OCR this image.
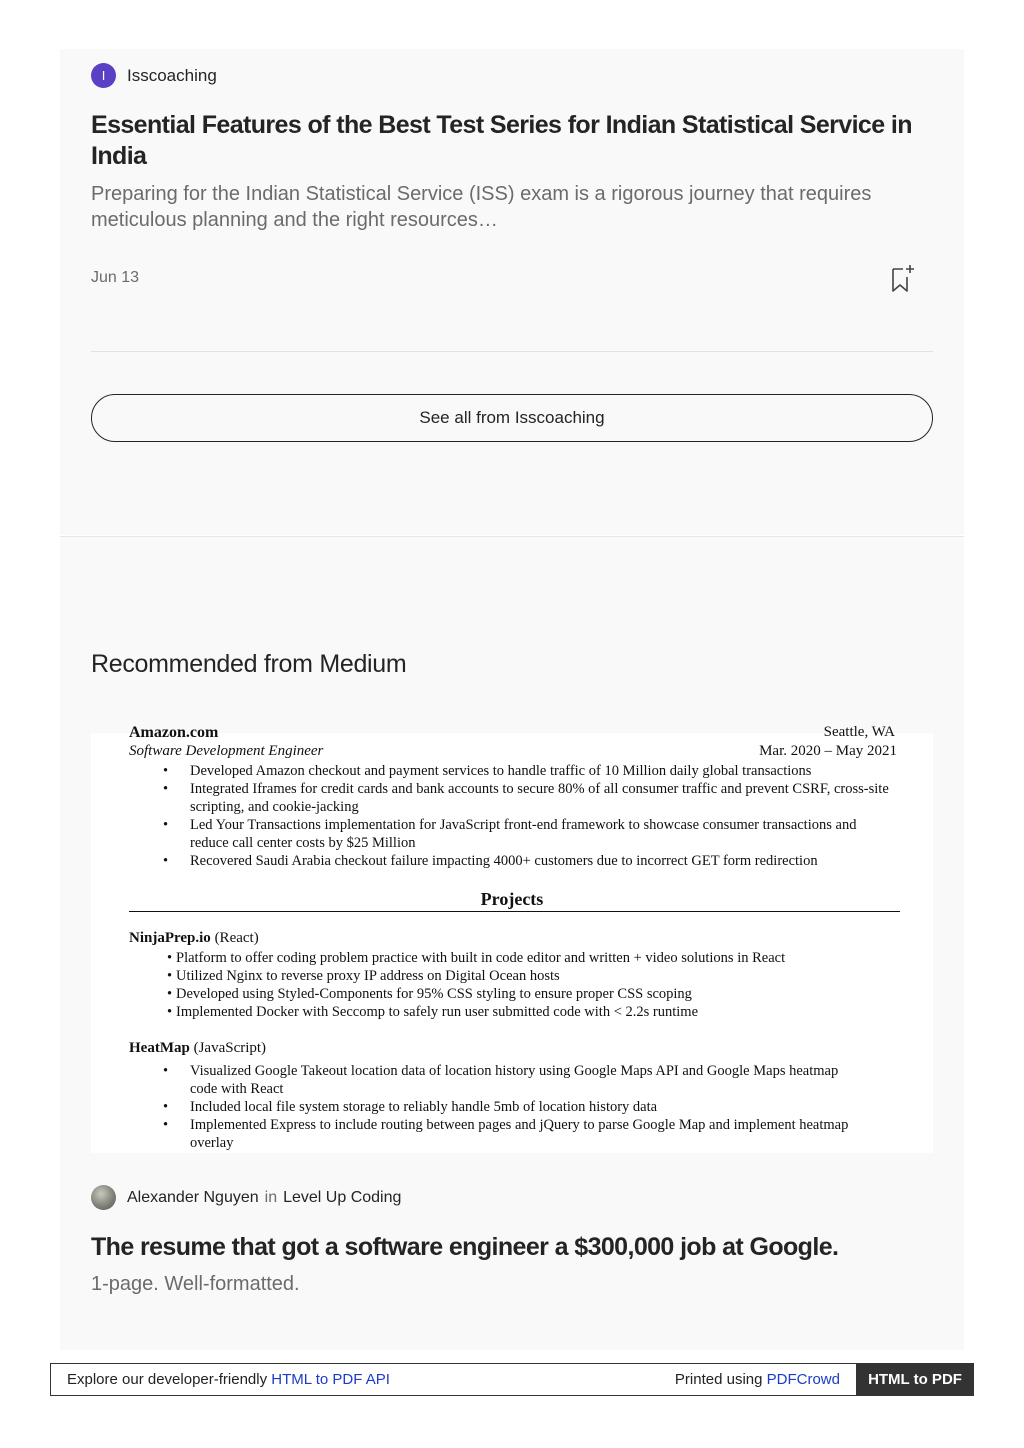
I	Isscoaching
Essential Features of the Best Test Series for Indian Statistical Service in India

Preparing for the Indian Statistical Service (ISS) exam is a rigorous journey that requires meticulous planning and the right resources…

Jun 13
See all from Isscoaching
Recommended from Medium
Amazon.com	Seattle, WA
Software Development Engineer	Mar. 2020 – May 2021
• Developed Amazon checkout and payment services to handle traffic of 10 Million daily global transactions
• Integrated Iframes for credit cards and bank accounts to secure 80% of all consumer traffic and prevent CSRF, cross-site scripting, and cookie-jacking
• Led Your Transactions implementation for JavaScript front-end framework to showcase consumer transactions and reduce call center costs by $25 Million
• Recovered Saudi Arabia checkout failure impacting 4000+ customers due to incorrect GET form redirection
Projects
NinjaPrep.io (React)
• Platform to offer coding problem practice with built in code editor and written + video solutions in React
• Utilized Nginx to reverse proxy IP address on Digital Ocean hosts
• Developed using Styled-Components for 95% CSS styling to ensure proper CSS scoping
• Implemented Docker with Seccomp to safely run user submitted code with < 2.2s runtime
HeatMap (JavaScript)
• Visualized Google Takeout location data of location history using Google Maps API and Google Maps heatmap code with React
• Included local file system storage to reliably handle 5mb of location history data
• Implemented Express to include routing between pages and jQuery to parse Google Map and implement heatmap overlay
Alexander Nguyen in Level Up Coding
The resume that got a software engineer a $300,000 job at Google.

1-page. Well-formatted.

Explore our developer-friendly HTML to PDF API	Printed using PDFCrowd	HTML to PDF
